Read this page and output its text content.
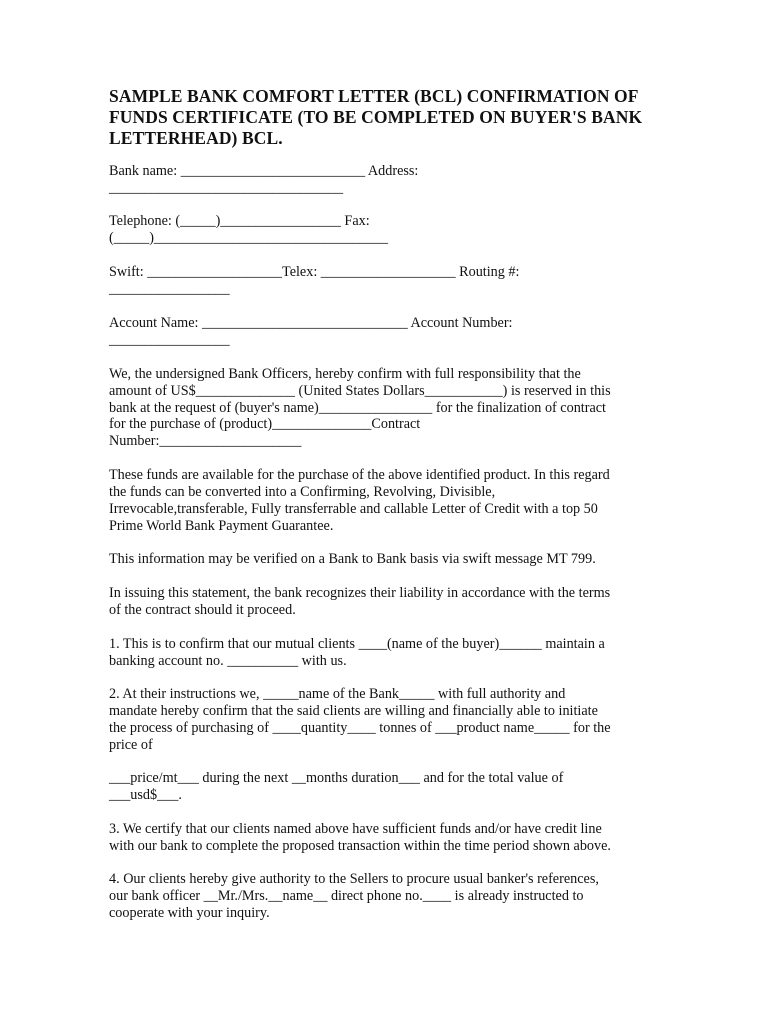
SAMPLE BANK COMFORT LETTER (BCL) CONFIRMATION OF
FUNDS CERTIFICATE (TO BE COMPLETED ON BUYER'S BANK
LETTERHEAD) BCL.
Bank name: __________________________ Address:
_________________________________
Telephone: (_____)_________________ Fax:
(_____)_________________________________
Swift: ___________________Telex: ___________________ Routing #:
_________________
Account Name: _____________________________ Account Number:
_________________
We, the undersigned Bank Officers, hereby confirm with full responsibility that the
amount of US$______________ (United States Dollars___________) is reserved in this
bank at the request of (buyer's name)________________ for the finalization of contract
for the purchase of (product)______________Contract
Number:____________________
These funds are available for the purchase of the above identified product. In this regard
the funds can be converted into a Confirming, Revolving, Divisible,
Irrevocable,transferable, Fully transferrable and callable Letter of Credit with a top 50
Prime World Bank Payment Guarantee.
This information may be verified on a Bank to Bank basis via swift message MT 799.
In issuing this statement, the bank recognizes their liability in accordance with the terms
of the contract should it proceed.
1. This is to confirm that our mutual clients ____(name of the buyer)______ maintain a
banking account no. __________ with us.
2. At their instructions we, _____name of the Bank_____ with full authority and
mandate hereby confirm that the said clients are willing and financially able to initiate
the process of purchasing of ____quantity____ tonnes of ___product name_____ for the
price of
___price/mt___ during the next __months duration___ and for the total value of
___usd$___.
3. We certify that our clients named above have sufficient funds and/or have credit line
with our bank to complete the proposed transaction within the time period shown above.
4. Our clients hereby give authority to the Sellers to procure usual banker's references,
our bank officer __Mr./Mrs.__name__ direct phone no.____ is already instructed to
cooperate with your inquiry.
